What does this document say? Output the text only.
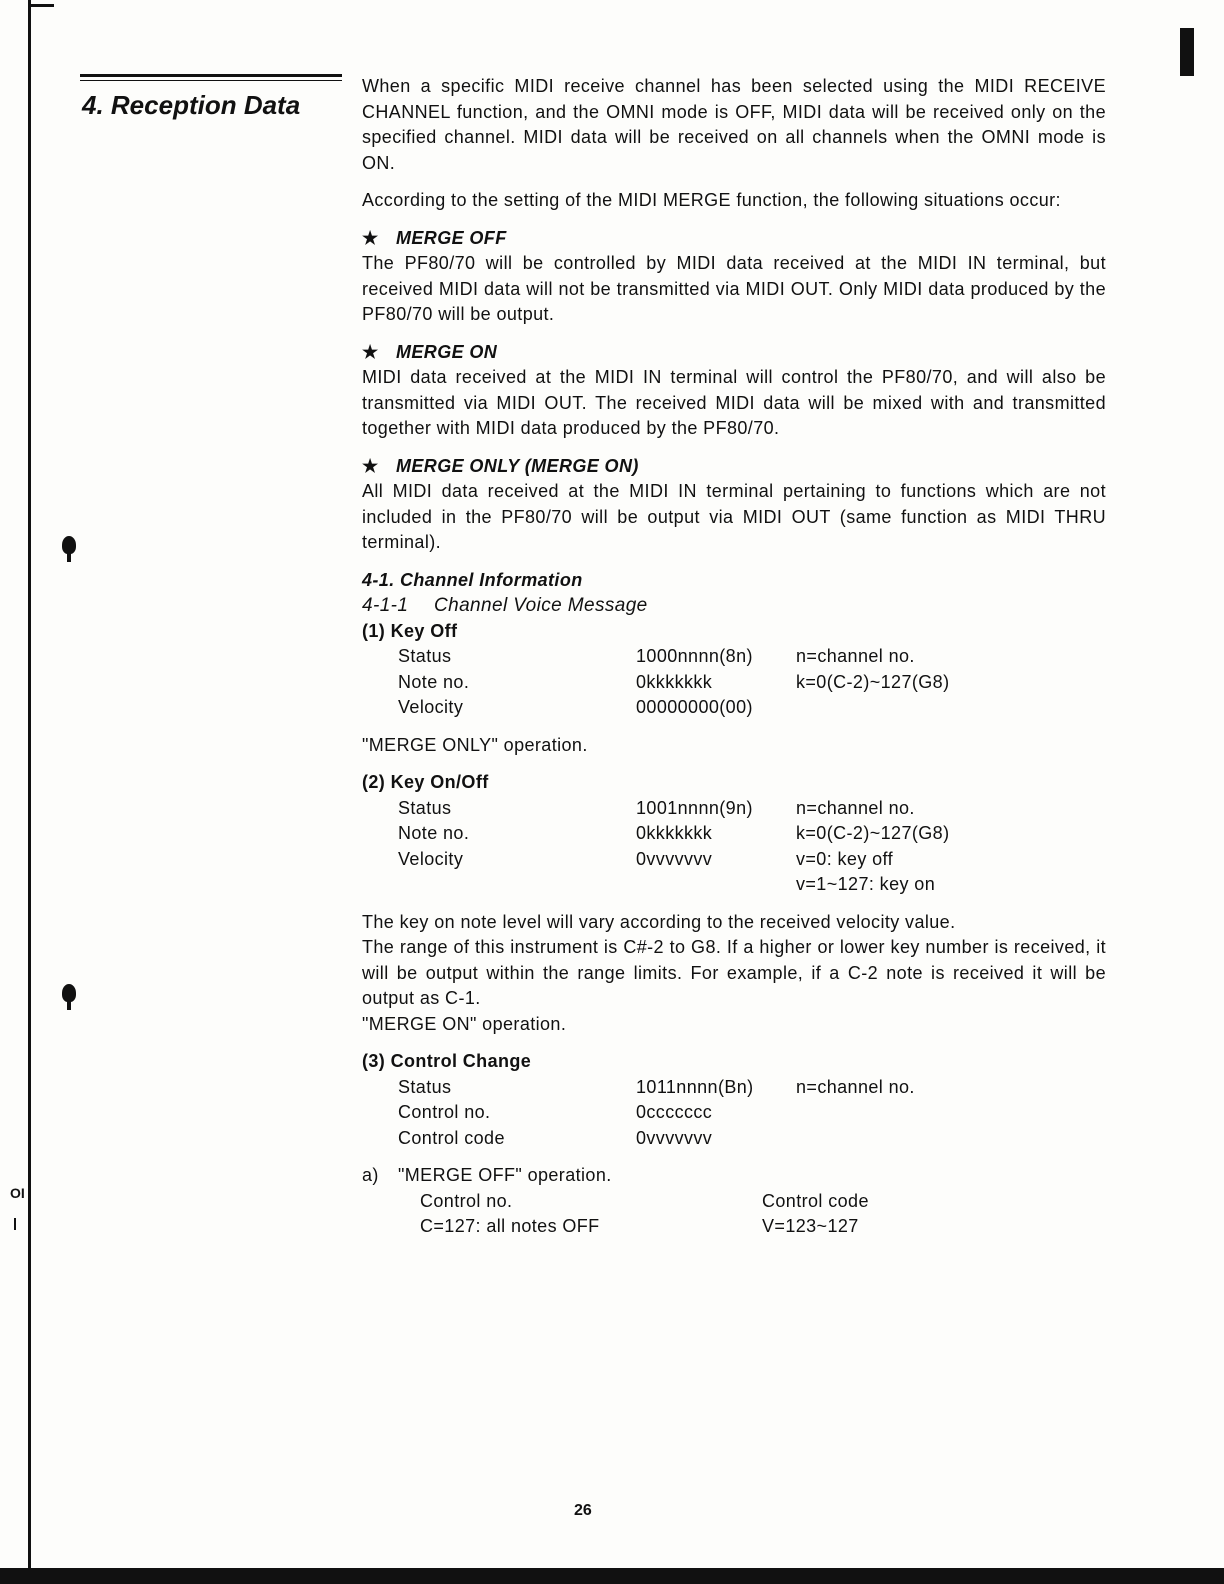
OI
4. Reception Data

When a specific MIDI receive channel has been selected using the MIDI RECEIVE CHANNEL function, and the OMNI mode is OFF, MIDI data will be received only on the specified channel. MIDI data will be received on all channels when the OMNI mode is ON.

According to the setting of the MIDI MERGE function, the following situations occur:

★ MERGE OFF

The PF80/70 will be controlled by MIDI data received at the MIDI IN terminal, but received MIDI data will not be transmitted via MIDI OUT. Only MIDI data produced by the PF80/70 will be output.

★ MERGE ON

MIDI data received at the MIDI IN terminal will control the PF80/70, and will also be transmitted via MIDI OUT. The received MIDI data will be mixed with and transmitted together with MIDI data produced by the PF80/70.

★ MERGE ONLY (MERGE ON)

All MIDI data received at the MIDI IN terminal pertaining to functions which are not included in the PF80/70 will be output via MIDI OUT (same function as MIDI THRU terminal).

4-1. Channel Information

4-1-1 Channel Voice Message

(1) Key Off

Status	1000nnnn(8n)	n=channel no.
Note no.	0kkkkkkk	k=0(C-2)~127(G8)
Velocity	00000000(00)

"MERGE ONLY" operation.

(2) Key On/Off

Status	1001nnnn(9n)	n=channel no.
Note no.	0kkkkkkk	k=0(C-2)~127(G8)
Velocity	0vvvvvvv	v=0: key off
v=1~127: key on

The key on note level will vary according to the received velocity value.

The range of this instrument is C#-2 to G8. If a higher or lower key number is received, it will be output within the range limits. For example, if a C-2 note is received it will be output as C-1.

"MERGE ON" operation.

(3) Control Change

Status	1011nnnn(Bn)	n=channel no.
Control no.	0ccccccc
Control code	0vvvvvvv

a) "MERGE OFF" operation.

Control no.	Control code
C=127: all notes OFF	V=123~127
26
